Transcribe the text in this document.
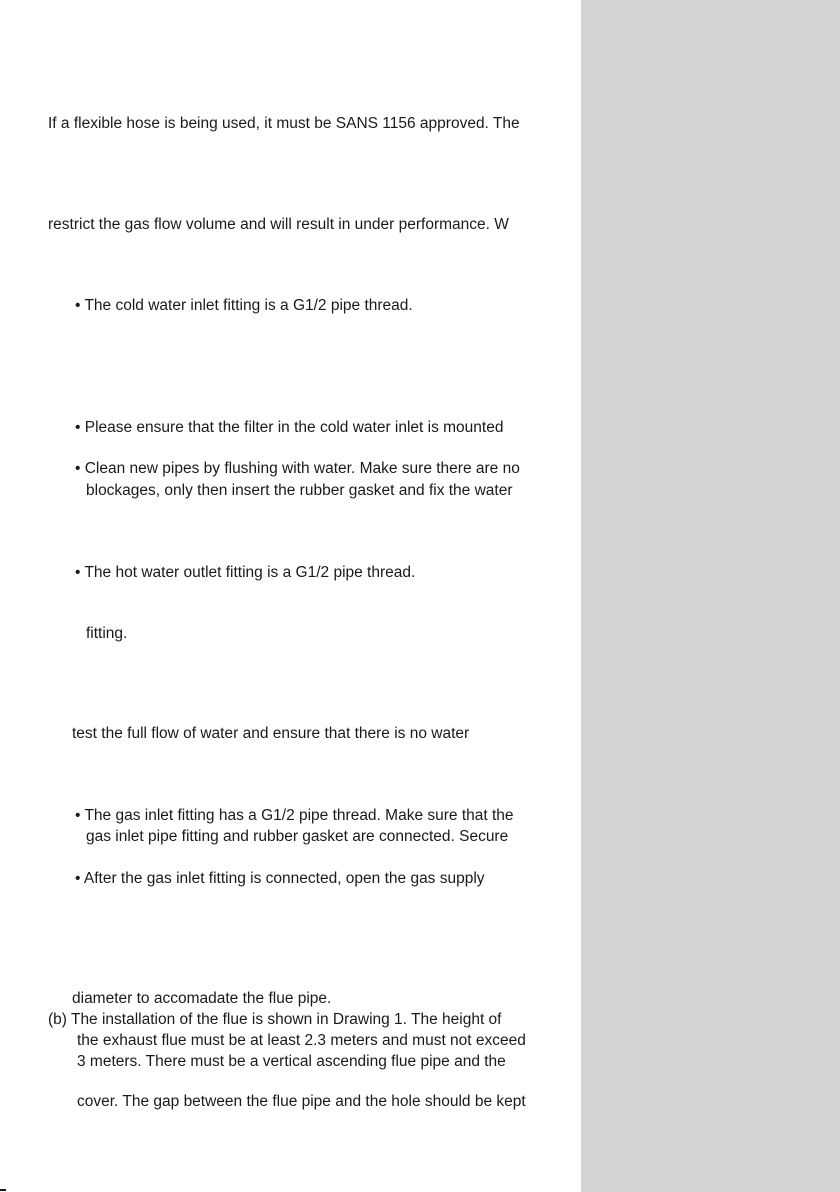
If a flexible hose is being used, it must be SANS 1156 approved. The
restrict the gas flow volume and will result in under performance. W
• The cold water inlet fitting is a G1/2 pipe thread.
• Please ensure that the filter in the cold water inlet is mounted
• Clean new pipes by flushing with water. Make sure there are no
blockages, only then insert the rubber gasket and fix the water
• The hot water outlet fitting is a G1/2 pipe thread.
fitting.
test the full flow of water and ensure that there is no water
• The gas inlet fitting has a G1/2 pipe thread. Make sure that the
gas inlet pipe fitting and rubber gasket are connected. Secure
• After the gas inlet fitting is connected, open the gas supply
diameter to accomadate the flue pipe.
(b) The installation of the flue is shown in Drawing 1. The height of
the exhaust flue must be at least 2.3 meters and must not exceed
3 meters. There must be a vertical ascending flue pipe and the
cover. The gap between the flue pipe and the hole should be kept
